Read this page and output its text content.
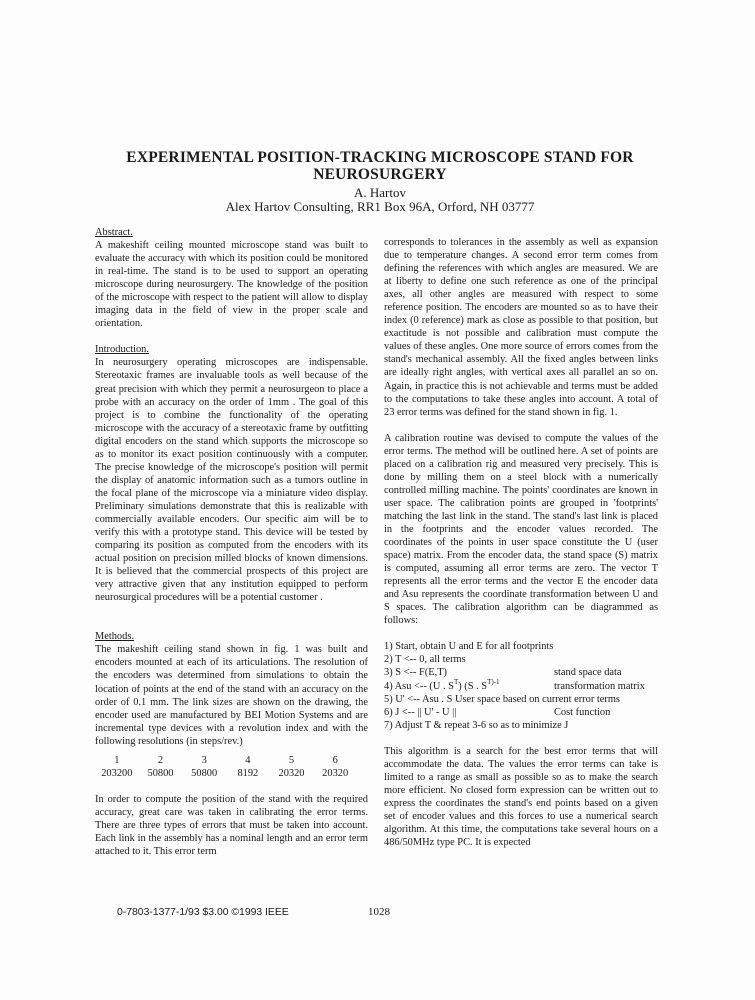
EXPERIMENTAL POSITION-TRACKING MICROSCOPE STAND FOR
NEUROSURGERY
A. Hartov
Alex Hartov Consulting, RR1 Box 96A, Orford, NH 03777

Abstract.

A makeshift ceiling mounted microscope stand was built to evaluate the accuracy with which its position could be monitored in real-time. The stand is to be used to support an operating microscope during neurosurgery. The knowledge of the position of the microscope with respect to the patient will allow to display imaging data in the field of view in the proper scale and orientation.

Introduction.

In neurosurgery operating microscopes are indispensable. Stereotaxic frames are invaluable tools as well because of the great precision with which they permit a neurosurgeon to place a probe with an accuracy on the order of 1mm . The goal of this project is to combine the functionality of the operating microscope with the accuracy of a stereotaxic frame by outfitting digital encoders on the stand which supports the microscope so as to monitor its exact position continuously with a computer. The precise knowledge of the microscope's position will permit the display of anatomic information such as a tumors outline in the focal plane of the microscope via a miniature video display. Preliminary simulations demonstrate that this is realizable with commercially available encoders. Our specific aim will be to verify this with a prototype stand. This device will be tested by comparing its position as computed from the encoders with its actual position on precision milled blocks of known dimensions. It is believed that the commercial prospects of this project are very attractive given that any institution equipped to perform neurosurgical procedures will be a potential customer .

Methods.

The makeshift ceiling stand shown in fig. 1 was built and encoders mounted at each of its articulations. The resolution of the encoders was determined from simulations to obtain the location of points at the end of the stand with an accuracy on the order of 0.1 mm. The link sizes are shown on the drawing, the encoder used are manufactured by BEI Motion Systems and are incremental type devices with a revolution index and with the following resolutions (in steps/rev.)

1	2	3	4	5	6
203200	50800	50800	8192	20320	20320

In order to compute the position of the stand with the required accuracy, great care was taken in calibrating the error terms. There are three types of errors that must be taken into account. Each link in the assembly has a nominal length and an error term attached to it. This error term

corresponds to tolerances in the assembly as well as expansion due to temperature changes. A second error term comes from defining the references with which angles are measured. We are at liberty to define one such reference as one of the principal axes, all other angles are measured with respect to some reference position. The encoders are mounted so as to have their index (0 reference) mark as close as possible to that position, but exactitude is not possible and calibration must compute the values of these angles. One more source of errors comes from the stand's mechanical assembly. All the fixed angles between links are ideally right angles, with vertical axes all parallel an so on. Again, in practice this is not achievable and terms must be added to the computations to take these angles into account. A total of 23 error terms was defined for the stand shown in fig. 1.

A calibration routine was devised to compute the values of the error terms. The method will be outlined here. A set of points are placed on a calibration rig and measured very precisely. This is done by milling them on a steel block with a numerically controlled milling machine. The points' coordinates are known in user space. The calibration points are grouped in 'footprints' matching the last link in the stand. The stand's last link is placed in the footprints and the encoder values recorded. The coordinates of the points in user space constitute the U (user space) matrix. From the encoder data, the stand space (S) matrix is computed, assuming all error terms are zero. The vector T represents all the error terms and the vector E the encoder data and Asu represents the coordinate transformation between U and S spaces. The calibration algorithm can be diagrammed as follows:

1) Start, obtain U and E for all footprints
2) T <-- 0, all terms
3) S <-- F(E,T)	stand space data
4) Asu <-- (U . $S^T$) (S . $S^{T)-1}$	transformation matrix
5) U' <-- Asu . S User space based on current error terms
6) J <-- || U' - U ||	Cost function
7) Adjust T & repeat 3-6 so as to minimize J

This algorithm is a search for the best error terms that will accommodate the data. The values the error terms can take is limited to a range as small as possible so as to make the search more efficient. No closed form expression can be written out to express the coordinates the stand's end points based on a given set of encoder values and this forces to use a numerical search algorithm. At this time, the computations take several hours on a 486/50MHz type PC. It is expected

0-7803-1377-1/93 $3.00 ©1993 IEEE	1028
